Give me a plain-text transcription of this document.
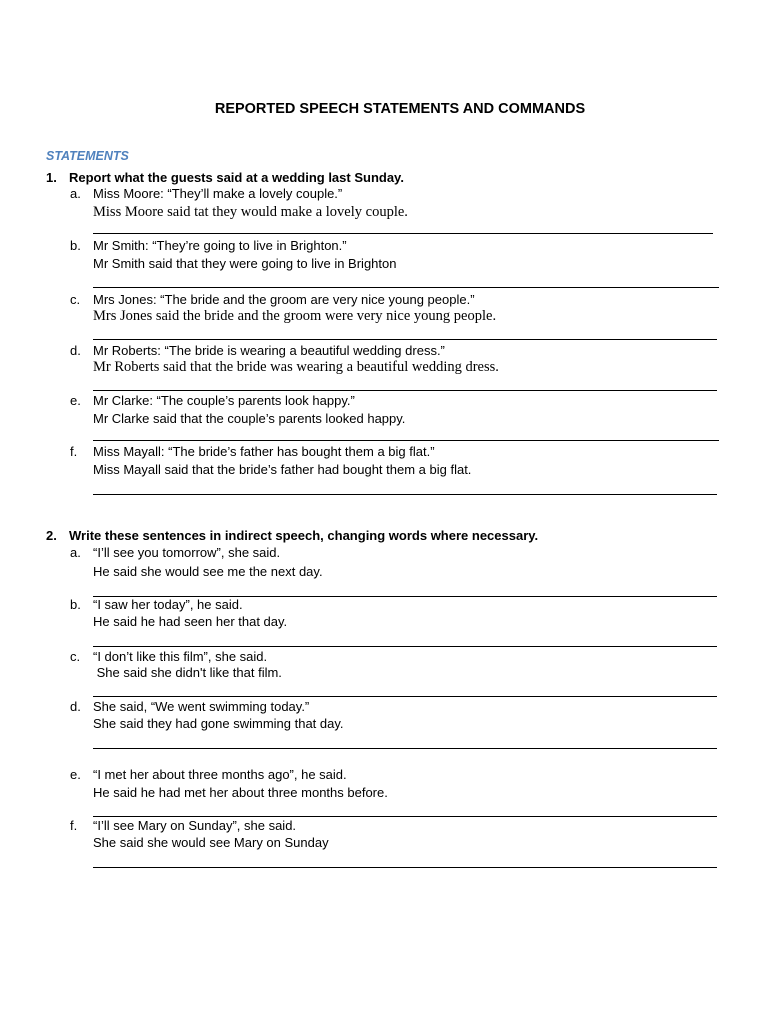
REPORTED SPEECH STATEMENTS AND COMMANDS
STATEMENTS
1. Report what the guests said at a wedding last Sunday.
a. Miss Moore: “They’ll make a lovely couple.”
Miss Moore said tat they would make a lovely couple.
b. Mr Smith: “They’re going to live in Brighton.”
Mr Smith said that they were going to live in Brighton
c. Mrs Jones: “The bride and the groom are very nice young people.”
Mrs Jones said the bride and the groom were very nice young people.
d. Mr Roberts: “The bride is wearing a beautiful wedding dress.”
Mr Roberts said that the bride was wearing a beautiful wedding dress.
e. Mr Clarke: “The couple’s parents look happy.”
Mr Clarke said that the couple’s parents looked happy.
f. Miss Mayall: “The bride’s father has bought them a big flat.”
Miss Mayall said that the bride’s father had bought them a big flat.
2. Write these sentences in indirect speech, changing words where necessary.
a. “I’ll see you tomorrow”, she said.
He said she would see me the next day.
b. “I saw her today”, he said.
He said he had seen her that day.
c. “I don’t like this film”, she said.
She said she didn't like that film.
d. She said, “We went swimming today.”
She said they had gone swimming that day.
e. “I met her about three months ago”, he said.
He said he had met her about three months before.
f. “I’ll see Mary on Sunday”, she said.
She said she would see Mary on Sunday
